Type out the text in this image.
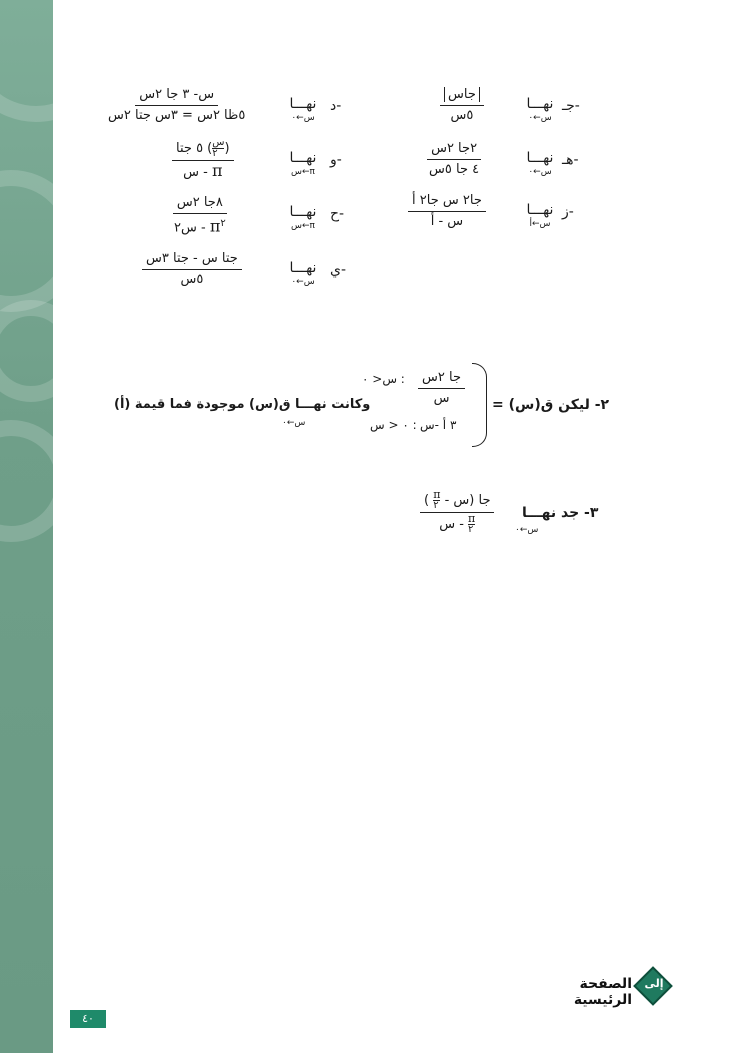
جـ-
نهـــا
س←٠
جاس
٥س
هـ-
نهـــا
س←٠
٢جا ٢س
٤ جا ٥س
ز-
نهـــا
س←أ
جا٢ س جا٢ أ
س - أ
د-
نهـــا
س←٠
س- ٣ جا ٢س
٥ظا ٢س = ٣س جتا ٢س
و-
نهـــا
س←π
٥ جتا ( س
٢ )
س - π
ح-
نهـــا
س←π
٨جا ٢س
س٢ - $\pi^٢$
ي-
نهـــا
س←٠
جتا س - جتا ٣س
٥س
٢- ليكن ق(س) =
جا ٢س
س
: س< ٠
٣ أ -س
: ٠ < س
وكانت نهـــا ق(س) موجودة فما قيمة (أ)
س←٠
٣- جد نهـــا
س←٠
جا (س -
π
٢
)
س - π
٢
إلى
الصفحة الرئيسية
٤٠
